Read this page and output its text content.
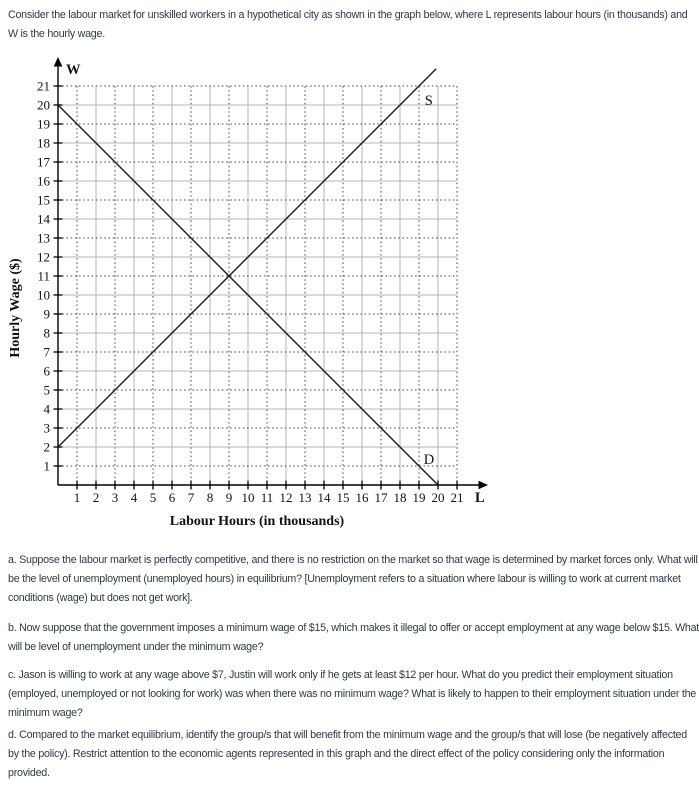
Consider the labour market for unskilled workers in a hypothetical city as shown in the graph below, where L represents labour hours (in thousands) and W is the hourly wage.

1 2 3 4 5 6 7 8 9 10 11 12 13 14 15 16 17 18 19 20 21
1
2
3
4
5
6
7
8
9
10
11
12
13
14
15
16
17
18
19
20
21
W
L
Hourly Wage ($)
Labour Hours (in thousands)
S
D

a. Suppose the labour market is perfectly competitive, and there is no restriction on the market so that wage is determined by market forces only. What will be the level of unemployment (unemployed hours) in equilibrium? [Unemployment refers to a situation where labour is willing to work at current market conditions (wage) but does not get work].

b. Now suppose that the government imposes a minimum wage of $15, which makes it illegal to offer or accept employment at any wage below $15. What will be level of unemployment under the minimum wage?

c. Jason is willing to work at any wage above $7, Justin will work only if he gets at least $12 per hour. What do you predict their employment situation (employed, unemployed or not looking for work) was when there was no minimum wage? What is likely to happen to their employment situation under the minimum wage?

d. Compared to the market equilibrium, identify the group/s that will benefit from the minimum wage and the group/s that will lose (be negatively affected by the policy). Restrict attention to the economic agents represented in this graph and the direct effect of the policy considering only the information provided.
